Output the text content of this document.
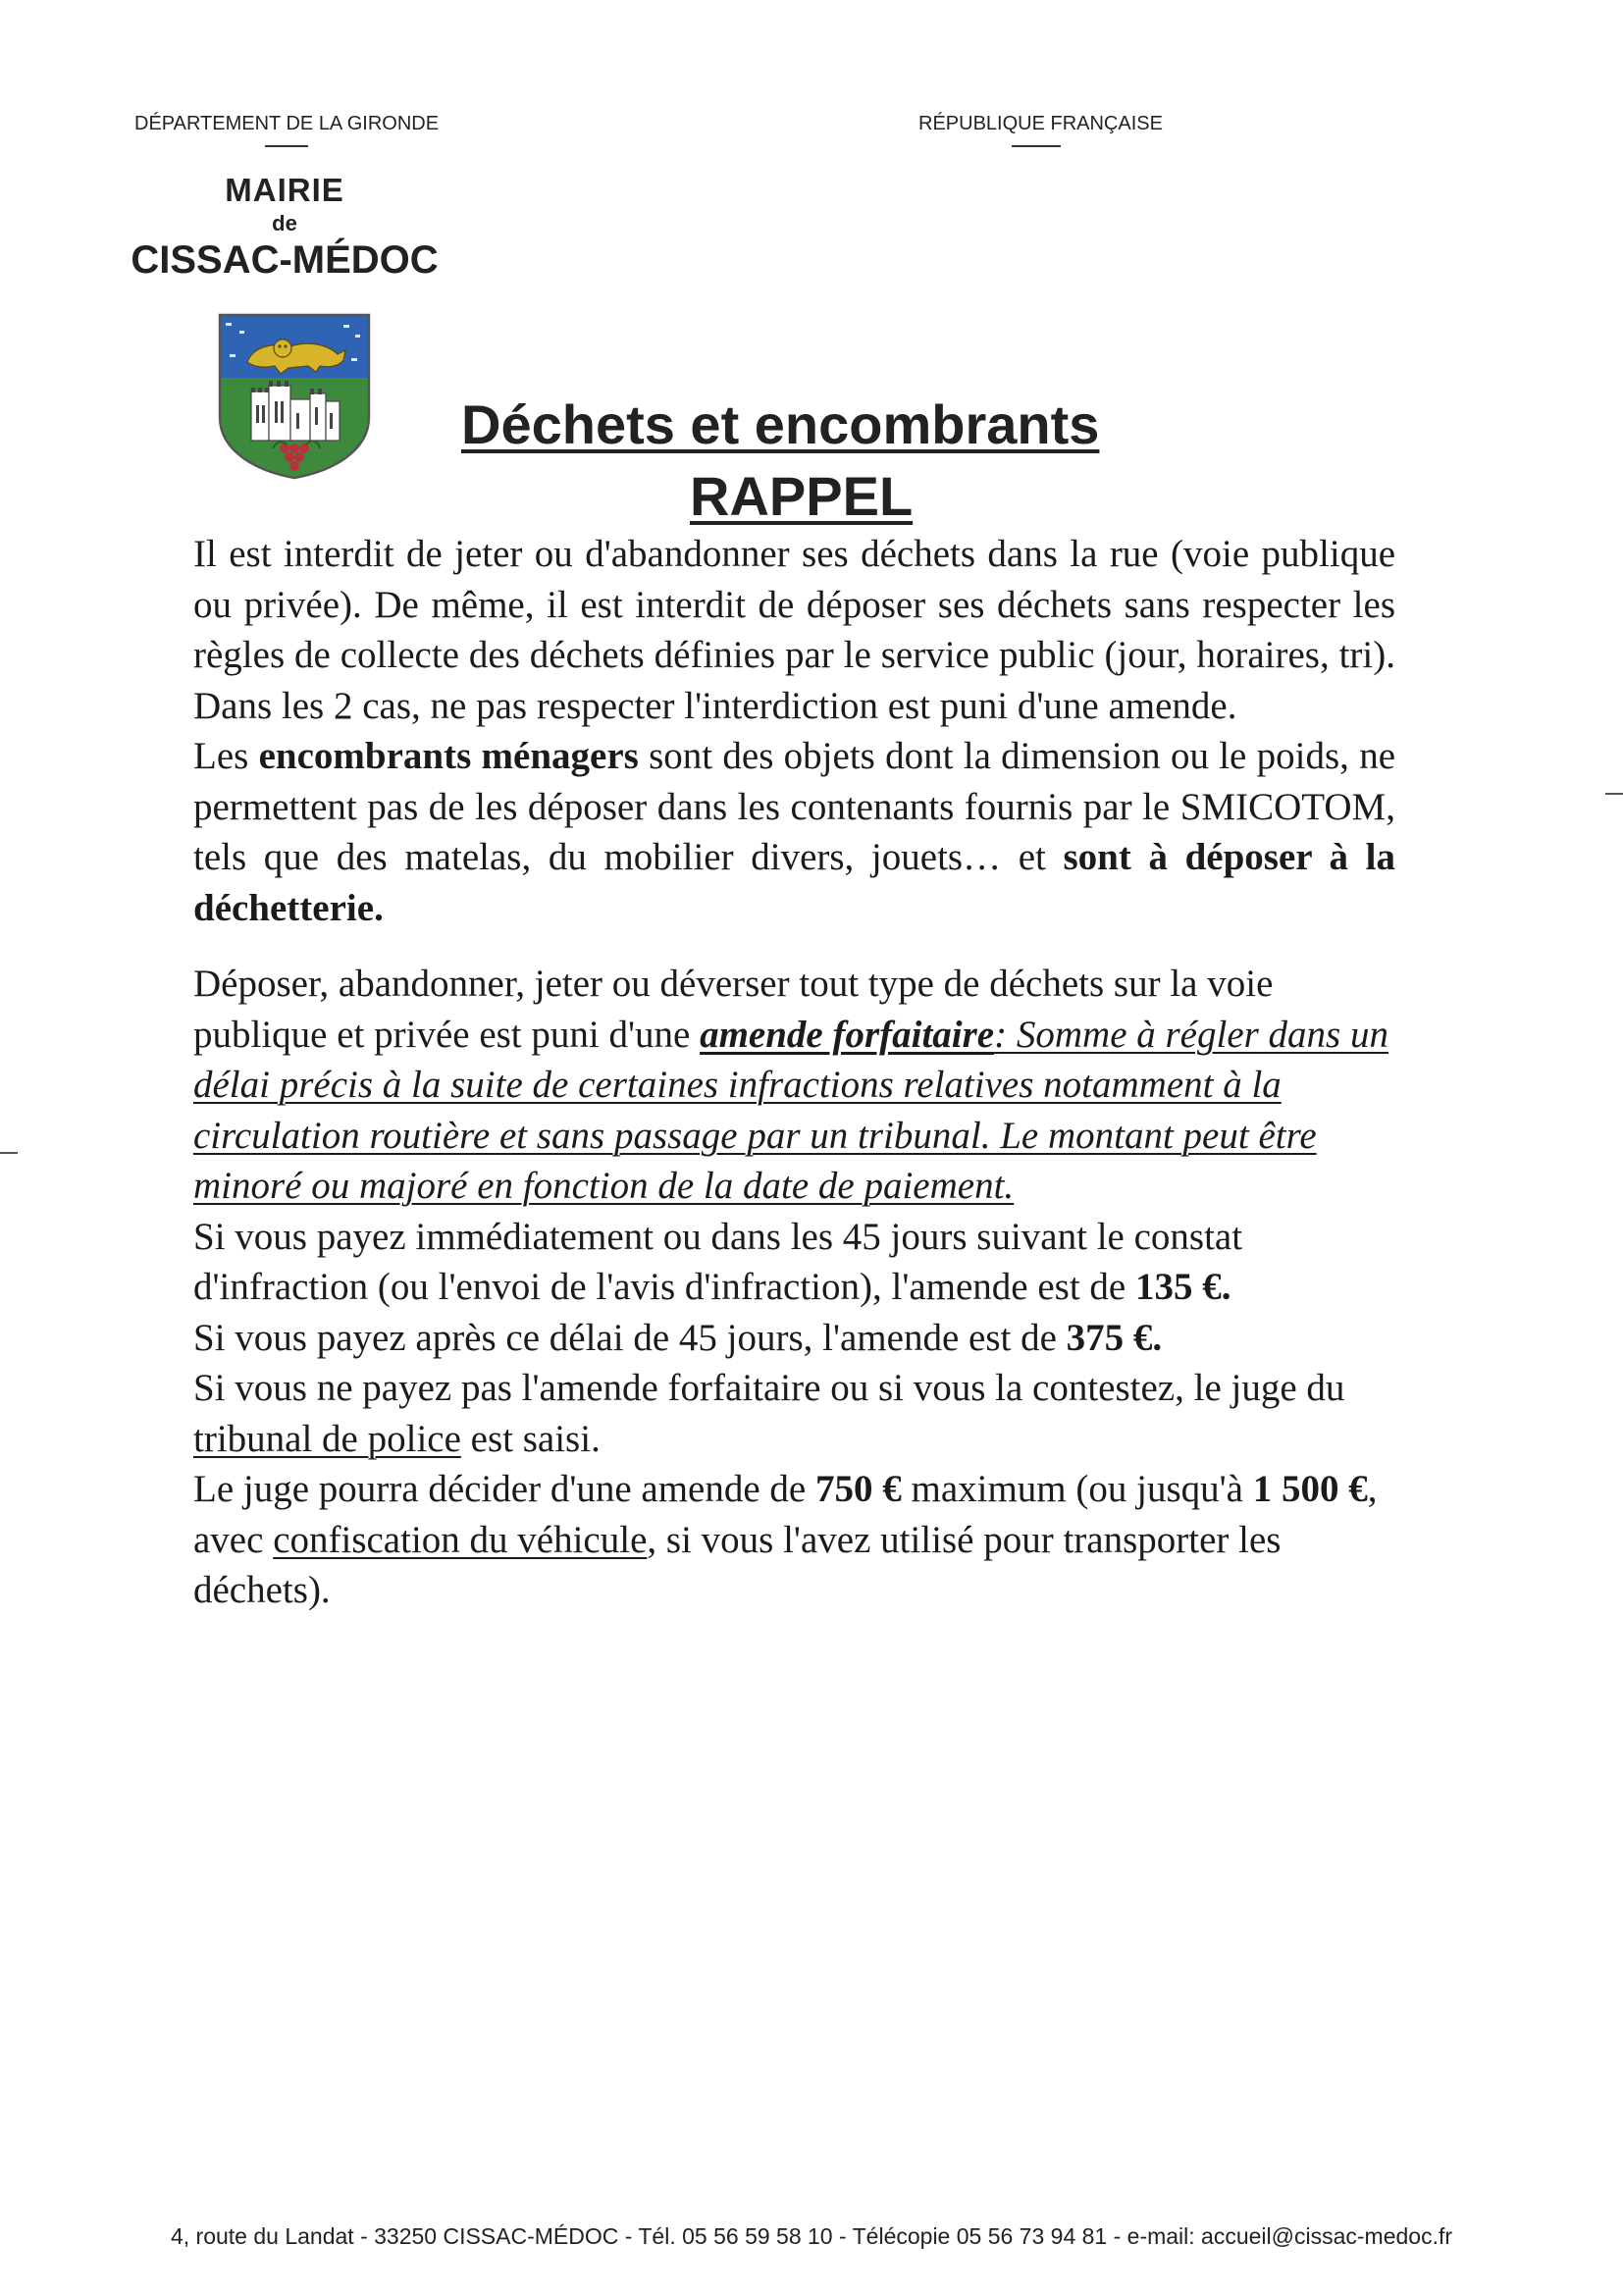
DÉPARTEMENT DE LA GIRONDE	RÉPUBLIQUE FRANÇAISE
MAIRIE
de
CISSAC-MÉDOC
Déchets et encombrants
RAPPEL

Il est interdit de jeter ou d'abandonner ses déchets dans la rue (voie publique ou privée). De même, il est interdit de déposer ses déchets sans respecter les règles de collecte des déchets définies par le service public (jour, horaires, tri). Dans les 2 cas, ne pas respecter l'interdiction est puni d'une amende.

Les encombrants ménagers sont des objets dont la dimension ou le poids, ne permettent pas de les déposer dans les contenants fournis par le SMICOTOM, tels que des matelas, du mobilier divers, jouets… et sont à déposer à la déchetterie.

Déposer, abandonner, jeter ou déverser tout type de déchets sur la voie publique et privée est puni d'une amende forfaitaire: Somme à régler dans un délai précis à la suite de certaines infractions relatives notamment à la circulation routière et sans passage par un tribunal. Le montant peut être minoré ou majoré en fonction de la date de paiement.

Si vous payez immédiatement ou dans les 45 jours suivant le constat d'infraction (ou l'envoi de l'avis d'infraction), l'amende est de 135 €.
Si vous payez après ce délai de 45 jours, l'amende est de 375 €.
Si vous ne payez pas l'amende forfaitaire ou si vous la contestez, le juge du tribunal de police est saisi.
Le juge pourra décider d'une amende de 750 € maximum (ou jusqu'à 1 500 €, avec confiscation du véhicule, si vous l'avez utilisé pour transporter les déchets).

4, route du Landat - 33250 CISSAC-MÉDOC - Tél. 05 56 59 58 10 - Télécopie 05 56 73 94 81 - e-mail: accueil@cissac-medoc.fr
